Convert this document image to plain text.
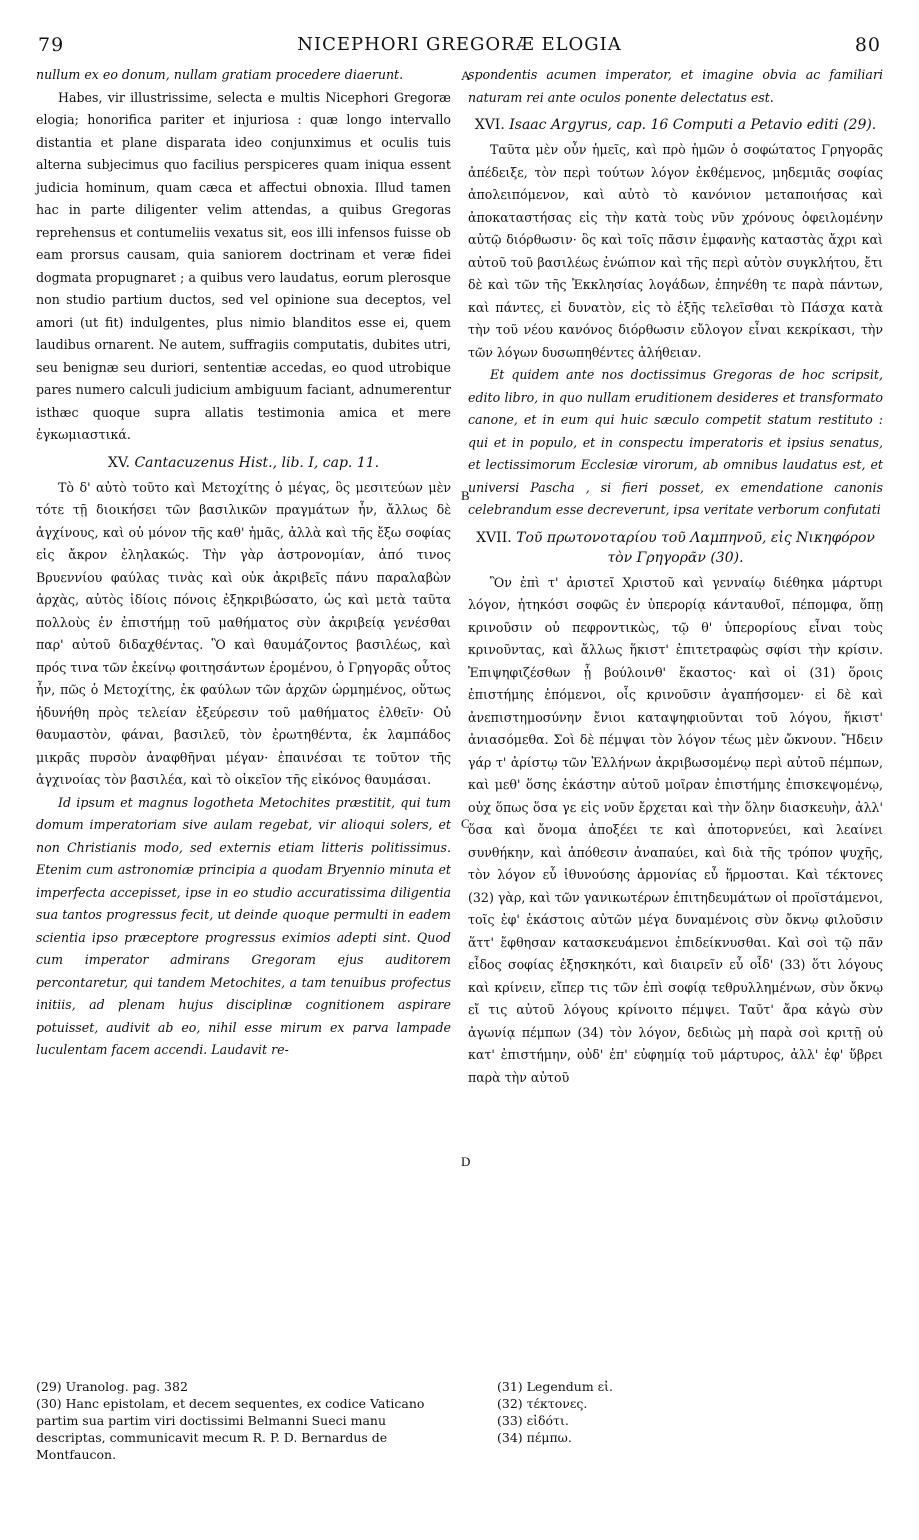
79	NICEPHORI GREGORÆ ELOGIA	80

nullum ex eo donum, nullam gratiam procedere diaerunt.

Habes, vir illustrissime, selecta e multis Nicephori Gregoræ elogia; honorifica pariter et injuriosa : quæ longo intervallo distantia et plane disparata ideo conjunximus et oculis tuis alterna subjecimus quo facilius perspiceres quam iniqua essent judicia hominum, quam cæca et affectui obnoxia. Illud tamen hac in parte diligenter velim attendas, a quibus Gregoras reprehensus et contumeliis vexatus sit, eos illi infensos fuisse ob eam prorsus causam, quia saniorem doctrinam et veræ fidei dogmata propugnaret ; a quibus vero laudatus, eorum plerosque non studio partium ductos, sed vel opinione sua deceptos, vel amori (ut fit) indulgentes, plus nimio blanditos esse ei, quem laudibus ornarent. Ne autem, suffragiis computatis, dubites utri, seu benignæ seu duriori, sententiæ accedas, eo quod utrobique pares numero calculi judicium ambiguum faciant, adnumerentur isthæc quoque supra allatis testimonia amica et mere ἐγκωμιαστικά.

XV. Cantacuzenus Hist., lib. I, cap. 11.

Τὸ δ' αὐτὸ τοῦτο καὶ Μετοχίτης ὁ μέγας, ὃς μεσιτεύων μὲν τότε τῇ διοικήσει τῶν βασιλικῶν πραγμάτων ἦν, ἄλλως δὲ ἀγχίνους, καὶ οὐ μόνον τῆς καθ' ἡμᾶς, ἀλλὰ καὶ τῆς ἔξω σοφίας εἰς ἄκρον ἐληλακώς. Τὴν γὰρ ἀστρονομίαν, ἀπό τινος Βρυεννίου φαύλας τινὰς καὶ οὐκ ἀκριβεῖς πάνυ παραλαβὼν ἀρχὰς, αὐτὸς ἰδίοις πόνοις ἐξηκριβώσατο, ὡς καὶ μετὰ ταῦτα πολλοὺς ἐν ἐπιστήμῃ τοῦ μαθήματος σὺν ἀκριβείᾳ γενέσθαι παρ' αὐτοῦ διδαχθέντας. Ὃ καὶ θαυμάζοντος βασιλέως, καὶ πρός τινα τῶν ἐκείνῳ φοιτησάντων ἐρομένου, ὁ Γρηγορᾶς οὗτος ἦν, πῶς ὁ Μετοχίτης, ἐκ φαύλων τῶν ἀρχῶν ὡρμημένος, οὕτως ἠδυνήθη πρὸς τελείαν ἐξεύρεσιν τοῦ μαθήματος ἐλθεῖν· Οὐ θαυμαστὸν, φάναι, βασιλεῦ, τὸν ἐρωτηθέντα, ἐκ λαμπάδος μικρᾶς πυρσὸν ἀναφθῆναι μέγαν· ἐπαινέσαι τε τοῦτον τῆς ἀγχινοίας τὸν βασιλέα, καὶ τὸ οἰκεῖον τῆς εἰκόνος θαυμάσαι.

Id ipsum et magnus logotheta Metochites præstitit, qui tum domum imperatoriam sive aulam regebat, vir alioqui solers, et non Christianis modo, sed externis etiam litteris politissimus. Etenim cum astronomiæ principia a quodam Bryennio minuta et imperfecta accepisset, ipse in eo studio accuratissima diligentia sua tantos progressus fecit, ut deinde quoque permulti in eadem scientia ipso præceptore progressus eximios adepti sint. Quod cum imperator admirans Gregoram ejus auditorem percontaretur, qui tandem Metochites, a tam tenuibus profectus initiis, ad plenam hujus disciplinæ cognitionem aspirare potuisset, audivit ab eo, nihil esse mirum ex parva lampade luculentam facem accendi. Laudavit re-

spondentis acumen imperator, et imagine obvia ac familiari naturam rei ante oculos ponente delectatus est.

XVI. Isaac Argyrus, cap. 16 Computi a Petavio editi (29).

Ταῦτα μὲν οὖν ἡμεῖς, καὶ πρὸ ἡμῶν ὁ σοφώτατος Γρηγορᾶς ἀπέδειξε, τὸν περὶ τούτων λόγον ἐκθέμενος, μηδεμιᾶς σοφίας ἀπολειπόμενον, καὶ αὐτὸ τὸ κανόνιον μεταποιήσας καὶ ἀποκαταστήσας εἰς τὴν κατὰ τοὺς νῦν χρόνους ὀφειλομένην αὐτῷ διόρθωσιν· ὃς καὶ τοῖς πᾶσιν ἐμφανὴς καταστὰς ἄχρι καὶ αὐτοῦ τοῦ βασιλέως ἐνώπιον καὶ τῆς περὶ αὐτὸν συγκλήτου, ἔτι δὲ καὶ τῶν τῆς Ἐκκλησίας λογάδων, ἐπηνέθη τε παρὰ πάντων, καὶ πάντες, εἰ δυνατὸν, εἰς τὸ ἑξῆς τελεῖσθαι τὸ Πάσχα κατὰ τὴν τοῦ νέου κανόνος διόρθωσιν εὔλογον εἶναι κεκρίκασι, τὴν τῶν λόγων δυσωπηθέντες ἀλήθειαν.

Et quidem ante nos doctissimus Gregoras de hoc scripsit, edito libro, in quo nullam eruditionem desideres et transformato canone, et in eum qui huic sæculo competit statum restituto : qui et in populo, et in conspectu imperatoris et ipsius senatus, et lectissimorum Ecclesiæ virorum, ab omnibus laudatus est, et universi Pascha , si fieri posset, ex emendatione canonis celebrandum esse decreverunt, ipsa veritate verborum confutati

XVII. Τοῦ πρωτονοταρίου τοῦ Λαμπηνοῦ, εἰς Νικηφόρον τὸν Γρηγορᾶν (30).

Ὃν ἐπὶ τ' ἀριστεῖ Χριστοῦ καὶ γενναίῳ διέθηκα μάρτυρι λόγον, ἠτηκόσι σοφῶς ἐν ὑπερορίᾳ κάνταυθοῖ, πέπομφα, ὅπῃ κρινοῦσιν οὐ πεφροντικὼς, τῷ θ' ὑπερορίους εἶναι τοὺς κρινοῦντας, καὶ ἄλλως ἥκιστ' ἐπιτετραφὼς σφίσι τὴν κρίσιν. Ἐπιψηφιζέσθων ᾗ βούλοινθ' ἕκαστος· καὶ οἱ (31) ὅροις ἐπιστήμης ἑπόμενοι, οἷς κρινοῦσιν ἀγαπήσομεν· εἰ δὲ καὶ ἀνεπιστημοσύνην ἔνιοι καταψηφιοῦνται τοῦ λόγου, ἥκιστ' ἀνιασόμεθα. Σοὶ δὲ πέμψαι τὸν λόγον τέως μὲν ὤκνουν. Ἤδειν γάρ τ' ἀρίστῳ τῶν Ἑλλήνων ἀκριβωσομένῳ περὶ αὐτοῦ πέμπων, καὶ μεθ' ὅσης ἑκάστην αὐτοῦ μοῖραν ἐπιστήμης ἐπισκεψομένῳ, οὐχ ὅπως ὅσα γε εἰς νοῦν ἔρχεται καὶ τὴν ὅλην διασκευὴν, ἀλλ' ὅσα καὶ ὄνομα ἀποξέει τε καὶ ἀποτορνεύει, καὶ λεαίνει συνθήκην, καὶ ἀπόθεσιν ἀναπαύει, καὶ διὰ τῆς τρόπον ψυχῆς, τὸν λόγον εὖ ἰθυνούσης ἁρμονίας εὖ ἥρμοσται. Καὶ τέκτονες (32) γὰρ, καὶ τῶν γανικωτέρων ἐπιτηδευμάτων οἱ προϊστάμενοι, τοῖς ἐφ' ἑκάστοις αὐτῶν μέγα δυναμένοις σὺν ὄκνῳ φιλοῦσιν ἅττ' ἔφθησαν κατασκευάμενοι ἐπιδείκνυσθαι. Καὶ σοὶ τῷ πᾶν εἶδος σοφίας ἐξησκηκότι, καὶ διαιρεῖν εὖ οἶδ' (33) ὅτι λόγους καὶ κρίνειν, εἴπερ τις τῶν ἐπὶ σοφίᾳ τεθρυλλημένων, σὺν ὄκνῳ εἴ τις αὐτοῦ λόγους κρίνοιτο πέμψει. Ταῦτ' ἄρα κἀγὼ σὺν ἀγωνίᾳ πέμπων (34) τὸν λόγον, δεδιὼς μὴ παρὰ σοὶ κριτῇ οὐ κατ' ἐπιστήμην, οὐδ' ἐπ' εὐφημίᾳ τοῦ μάρτυρος, ἀλλ' ἐφ' ὕβρει παρὰ τὴν αὐτοῦ

A
B
C
D
(29) Uranolog. pag. 382
(30) Hanc epistolam, et decem sequentes, ex codice Vaticano partim sua partim viri doctissimi Belmanni Sueci manu descriptas, communicavit mecum R. P. D. Bernardus de Montfaucon.
(31) Legendum εἰ.
(32) τέκτονες.
(33) εἰδότι.
(34) πέμπω.
